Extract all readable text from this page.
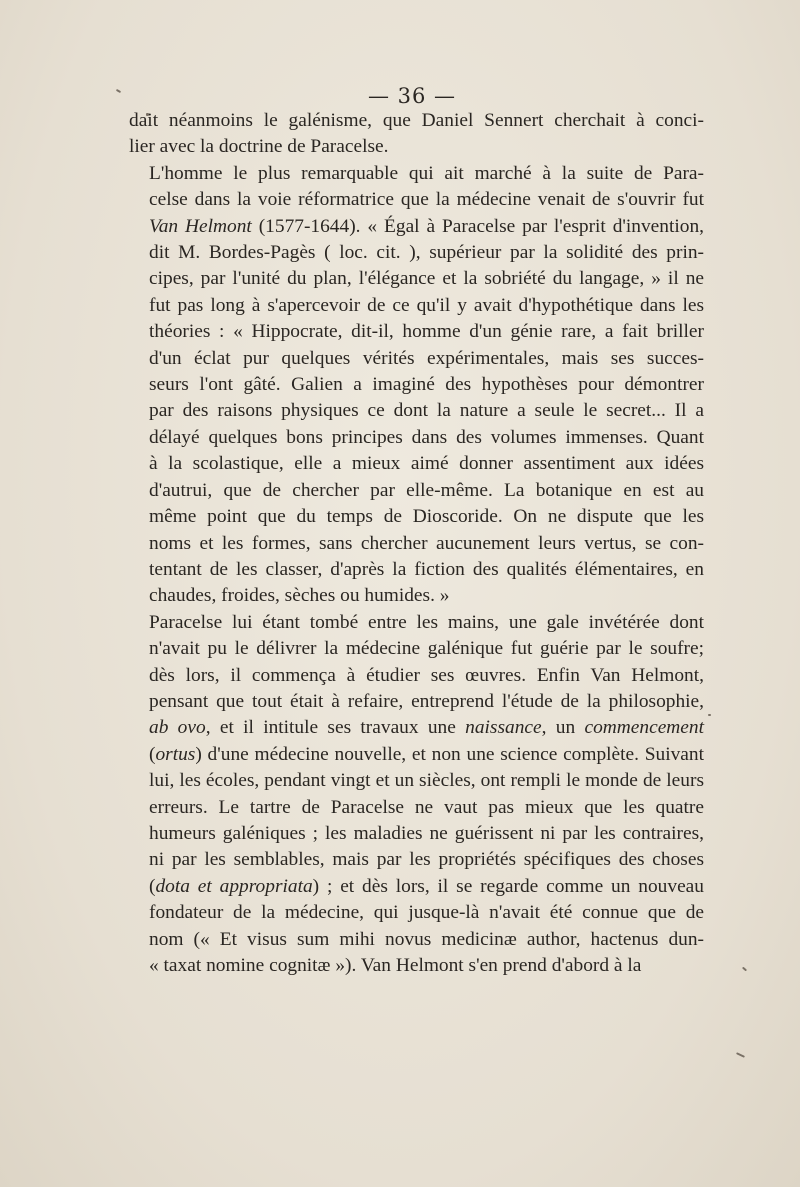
— 36 —

dait néanmoins le galénisme, que Daniel Sennert cherchait à conci-
lier avec la doctrine de Paracelse.

L'homme le plus remarquable qui ait marché à la suite de Para-
celse dans la voie réformatrice que la médecine venait de s'ouvrir fut
Van Helmont (1577-1644). « Égal à Paracelse par l'esprit d'invention,
dit M. Bordes-Pagès ( loc. cit. ), supérieur par la solidité des prin-
cipes, par l'unité du plan, l'élégance et la sobriété du langage, » il ne
fut pas long à s'apercevoir de ce qu'il y avait d'hypothétique dans les
théories : « Hippocrate, dit-il, homme d'un génie rare, a fait briller
d'un éclat pur quelques vérités expérimentales, mais ses succes-
seurs l'ont gâté. Galien a imaginé des hypothèses pour démontrer
par des raisons physiques ce dont la nature a seule le secret... Il a
délayé quelques bons principes dans des volumes immenses. Quant
à la scolastique, elle a mieux aimé donner assentiment aux idées
d'autrui, que de chercher par elle-même. La botanique en est au
même point que du temps de Dioscoride. On ne dispute que les
noms et les formes, sans chercher aucunement leurs vertus, se con-
tentant de les classer, d'après la fiction des qualités élémentaires, en
chaudes, froides, sèches ou humides. »

Paracelse lui étant tombé entre les mains, une gale invétérée dont
n'avait pu le délivrer la médecine galénique fut guérie par le soufre;
dès lors, il commença à étudier ses œuvres. Enfin Van Helmont,
pensant que tout était à refaire, entreprend l'étude de la philosophie,
ab ovo, et il intitule ses travaux une naissance, un commencement
(ortus) d'une médecine nouvelle, et non une science complète. Suivant
lui, les écoles, pendant vingt et un siècles, ont rempli le monde de leurs
erreurs. Le tartre de Paracelse ne vaut pas mieux que les quatre
humeurs galéniques ; les maladies ne guérissent ni par les contraires,
ni par les semblables, mais par les propriétés spécifiques des choses
(dota et appropriata) ; et dès lors, il se regarde comme un nouveau
fondateur de la médecine, qui jusque-là n'avait été connue que de
nom (« Et visus sum mihi novus medicinæ author, hactenus dun-
« taxat nomine cognitæ »). Van Helmont s'en prend d'abord à la
